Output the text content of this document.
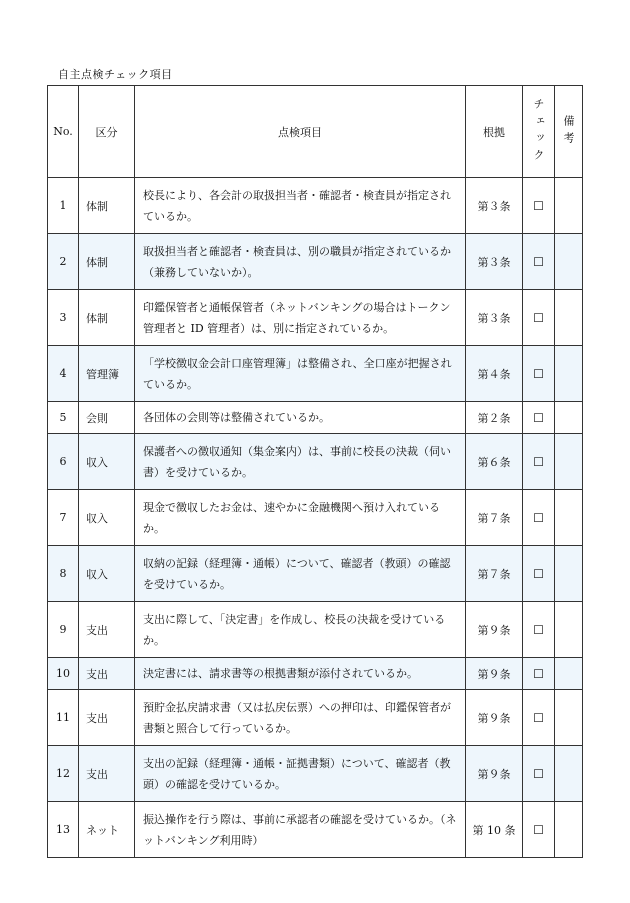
自主点検チェック項目
No.	区分	点検項目	根拠	チェック	備考

1	体制	校長により、各会計の取扱担当者・確認者・検査員が指定されているか。	第３条	☐	
2	体制	取扱担当者と確認者・検査員は、別の職員が指定されているか（兼務していないか）。	第３条	☐	
3	体制	印鑑保管者と通帳保管者（ネットバンキングの場合はトークン管理者と ID 管理者）は、別に指定されているか。	第３条	☐	
4	管理簿	「学校徴収金会計口座管理簿」は整備され、全口座が把握されているか。	第４条	☐	
5	会則	各団体の会則等は整備されているか。	第２条	☐	
6	収入	保護者への徴収通知（集金案内）は、事前に校長の決裁（伺い書）を受けているか。	第６条	☐	
7	収入	現金で徴収したお金は、速やかに金融機関へ預け入れているか。	第７条	☐	
8	収入	収納の記録（経理簿・通帳）について、確認者（教頭）の確認を受けているか。	第７条	☐	
9	支出	支出に際して、「決定書」を作成し、校長の決裁を受けているか。	第９条	☐	
10	支出	決定書には、請求書等の根拠書類が添付されているか。	第９条	☐	
11	支出	預貯金払戻請求書（又は払戻伝票）への押印は、印鑑保管者が書類と照合して行っているか。	第９条	☐	
12	支出	支出の記録（経理簿・通帳・証拠書類）について、確認者（教頭）の確認を受けているか。	第９条	☐	
13	ネット	振込操作を行う際は、事前に承認者の確認を受けているか。（ネットバンキング利用時）	第 10 条	☐	
